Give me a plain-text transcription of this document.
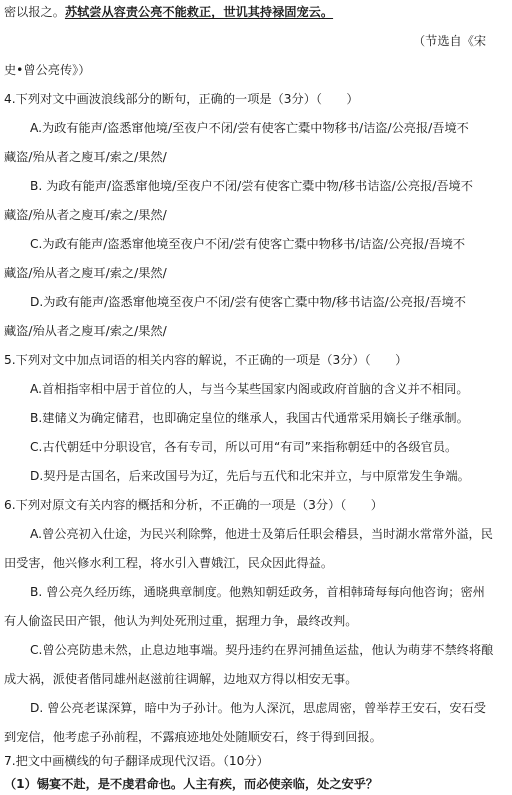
密以报之。苏轼尝从容责公亮不能救正，世讥其持禄固宠云。
（节选自《宋
史•曾公亮传》）
4.下列对文中画波浪线部分的断句，正确的一项是（3分）（　　）
A.为政有能声/盗悉窜他境/至夜户不闭/尝有使客亡橐中物移书/诘盗/公亮报/吾境不
藏盗/殆从者之廋耳/索之/果然/
B. 为政有能声/盗悉窜他境/至夜户不闭/尝有使客亡橐中物/移书诘盗/公亮报/吾境不
藏盗/殆从者之廋耳/索之/果然/
C.为政有能声/盗悉窜他境至夜户不闭/尝有使客亡橐中物移书/诘盗/公亮报/吾境不
藏盗/殆从者之廋耳/索之/果然/
D.为政有能声/盗悉窜他境至夜户不闭/尝有使客亡橐中物/移书诘盗/公亮报/吾境不
藏盗/殆从者之廋耳/索之/果然/
5.下列对文中加点词语的相关内容的解说，不正确的一项是（3分）（　　）
A.首相指宰相中居于首位的人，与当今某些国家内阁或政府首脑的含义并不相同。
B.建储义为确定储君，也即确定皇位的继承人，我国古代通常采用嫡长子继承制。
C.古代朝廷中分职设官，各有专司，所以可用“有司”来指称朝廷中的各级官员。
D.契丹是古国名，后来改国号为辽，先后与五代和北宋并立，与中原常发生争端。
6.下列对原文有关内容的概括和分析，不正确的一项是（3分）（　　）
A.曾公亮初入仕途，为民兴利除弊，他进士及第后任职会稽县，当时湖水常常外溢，民
田受害，他兴修水利工程，将水引入曹娥江，民众因此得益。
B. 曾公亮久经历练，通晓典章制度。他熟知朝廷政务，首相韩琦每每向他咨询；密州
有人偷盗民田产银，他认为判处死刑过重，据理力争，最终改判。
C.曾公亮防患未然，止息边地事端。契丹违约在界河捕鱼运盐，他认为萌芽不禁终将酿
成大祸，派使者偕同雄州赵滋前往调解，边地双方得以相安无事。
D. 曾公亮老谋深算，暗中为子孙计。他为人深沉，思虑周密，曾举荐王安石，安石受
到宠信，他考虑子孙前程，不露痕迹地处处随顺安石，终于得到回报。
7.把文中画横线的句子翻译成现代汉语。（10分）
（1）锡宴不赴，是不虔君命也。人主有疾，而必使亲临，处之安乎？
